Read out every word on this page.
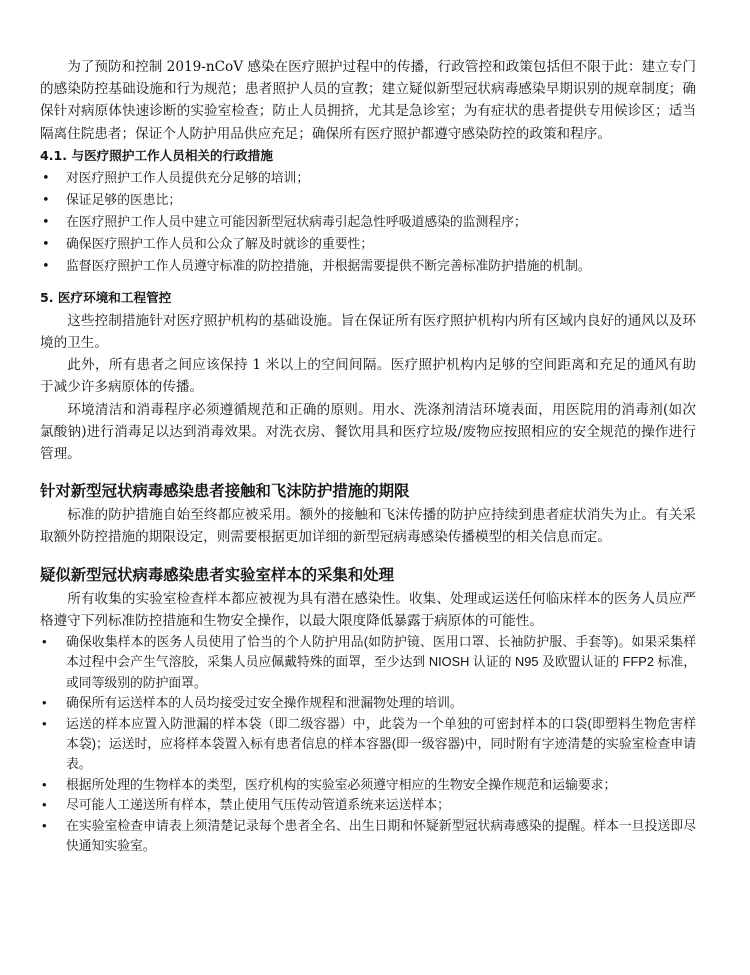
为了预防和控制 2019-nCoV 感染在医疗照护过程中的传播，行政管控和政策包括但不限于此：建立专门的感染防控基础设施和行为规范；患者照护人员的宣教；建立疑似新型冠状病毒感染早期识别的规章制度；确保针对病原体快速诊断的实验室检查；防止人员拥挤，尤其是急诊室；为有症状的患者提供专用候诊区；适当隔离住院患者；保证个人防护用品供应充足；确保所有医疗照护都遵守感染防控的政策和程序。

4.1. 与医疗照护工作人员相关的行政措施

• 对医疗照护工作人员提供充分足够的培训；
• 保证足够的医患比；
• 在医疗照护工作人员中建立可能因新型冠状病毒引起急性呼吸道感染的监测程序；
• 确保医疗照护工作人员和公众了解及时就诊的重要性；
• 监督医疗照护工作人员遵守标准的防控措施，并根据需要提供不断完善标准防护措施的机制。

5. 医疗环境和工程管控

这些控制措施针对医疗照护机构的基础设施。旨在保证所有医疗照护机构内所有区域内良好的通风以及环境的卫生。

此外，所有患者之间应该保持 1 米以上的空间间隔。医疗照护机构内足够的空间距离和充足的通风有助于减少许多病原体的传播。

环境清洁和消毒程序必须遵循规范和正确的原则。用水、洗涤剂清洁环境表面，用医院用的消毒剂(如次氯酸钠)进行消毒足以达到消毒效果。对洗衣房、餐饮用具和医疗垃圾/废物应按照相应的安全规范的操作进行管理。

针对新型冠状病毒感染患者接触和飞沫防护措施的期限

标准的防护措施自始至终都应被采用。额外的接触和飞沫传播的防护应持续到患者症状消失为止。有关采取额外防控措施的期限设定，则需要根据更加详细的新型冠病毒感染传播模型的相关信息而定。

疑似新型冠状病毒感染患者实验室样本的采集和处理

所有收集的实验室检查样本都应被视为具有潜在感染性。收集、处理或运送任何临床样本的医务人员应严格遵守下列标准防控措施和生物安全操作，以最大限度降低暴露于病原体的可能性。

• 确保收集样本的医务人员使用了恰当的个人防护用品(如防护镜、医用口罩、长袖防护服、手套等)。如果采集样本过程中会产生气溶胶，采集人员应佩戴特殊的面罩，至少达到 NIOSH 认证的 N95 及欧盟认证的 FFP2 标准，或同等级别的防护面罩。
• 确保所有运送样本的人员均接受过安全操作规程和泄漏物处理的培训。
• 运送的样本应置入防泄漏的样本袋（即二级容器）中，此袋为一个单独的可密封样本的口袋(即塑料生物危害样本袋)；运送时，应将样本袋置入标有患者信息的样本容器(即一级容器)中，同时附有字迹清楚的实验室检查申请表。
• 根据所处理的生物样本的类型，医疗机构的实验室必须遵守相应的生物安全操作规范和运输要求；
• 尽可能人工递送所有样本，禁止使用气压传动管道系统来运送样本；
• 在实验室检查申请表上须清楚记录每个患者全名、出生日期和怀疑新型冠状病毒感染的提醒。样本一旦投送即尽快通知实验室。
